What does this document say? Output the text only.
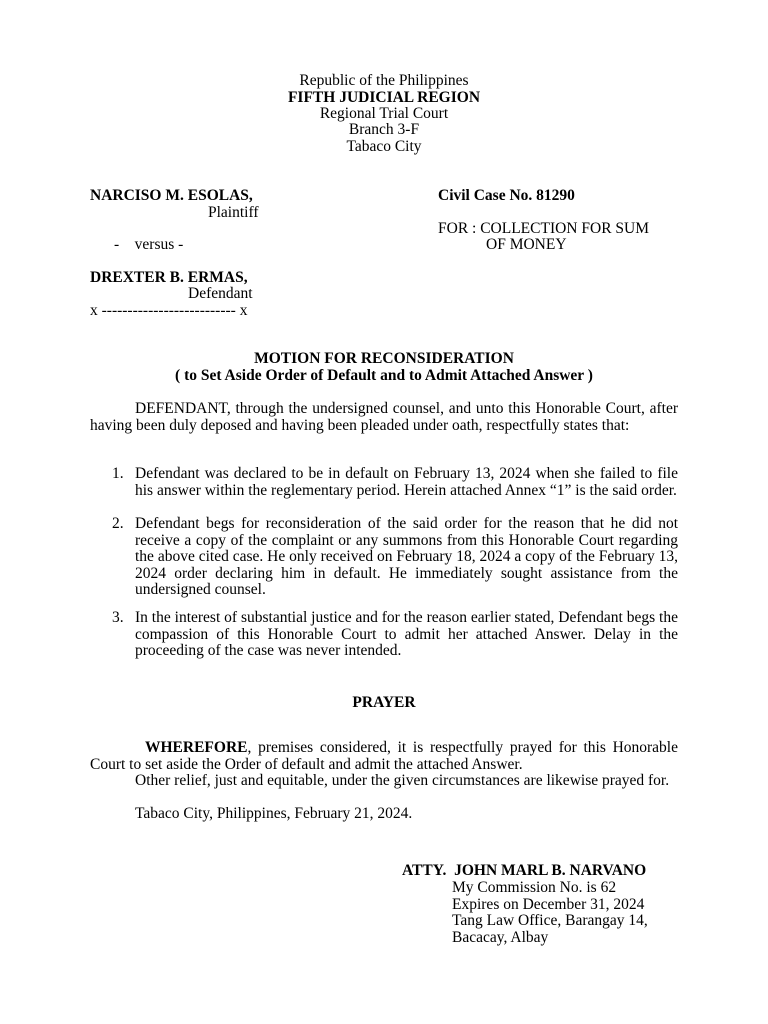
Republic of the Philippines
FIFTH JUDICIAL REGION
Regional Trial Court
Branch 3-F
Tabaco City
NARCISO M. ESOLAS,
Plaintiff
-    versus -
DREXTER B. ERMAS,
Defendant
x -------------------------- x
Civil Case No. 81290
FOR : COLLECTION FOR SUM
OF MONEY
MOTION FOR RECONSIDERATION
( to Set Aside Order of Default and to Admit Attached Answer )
DEFENDANT, through the undersigned counsel, and unto this Honorable Court, after having been duly deposed and having been pleaded under oath, respectfully states that:
1. Defendant was declared to be in default on February 13, 2024 when she failed to file his answer within the reglementary period. Herein attached Annex “1” is the said order.
2. Defendant begs for reconsideration of the said order for the reason that he did not receive a copy of the complaint or any summons from this Honorable Court regarding the above cited case. He only received on February 18, 2024 a copy of the February 13, 2024 order declaring him in default. He immediately sought assistance from the undersigned counsel.
3. In the interest of substantial justice and for the reason earlier stated, Defendant begs the compassion of this Honorable Court to admit her attached Answer. Delay in the proceeding of the case was never intended.
PRAYER
WHEREFORE, premises considered, it is respectfully prayed for this Honorable Court to set aside the Order of default and admit the attached Answer.
Other relief, just and equitable, under the given circumstances are likewise prayed for.
Tabaco City, Philippines, February 21, 2024.
ATTY.  JOHN MARL B. NARVANO
My Commission No. is 62
Expires on December 31, 2024
Tang Law Office, Barangay 14,
Bacacay, Albay
